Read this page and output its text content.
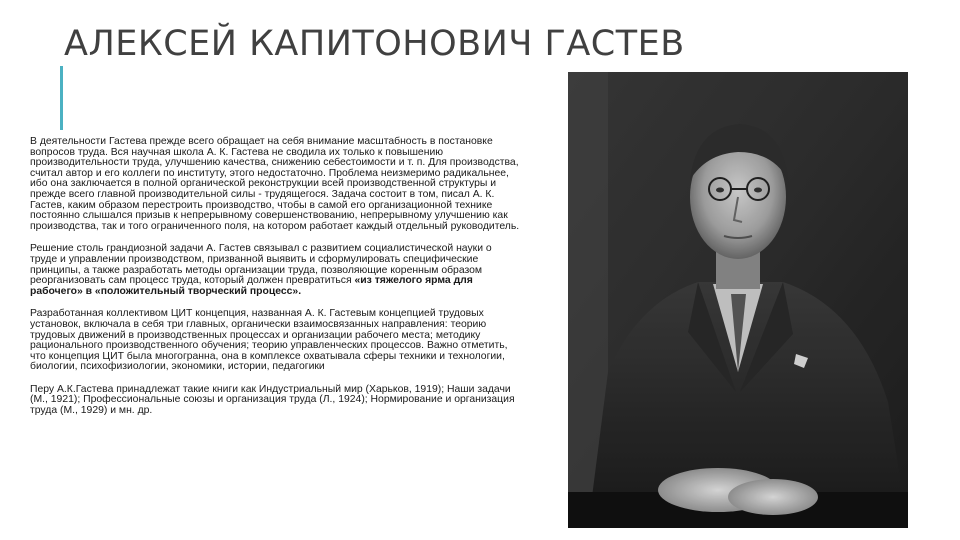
АЛЕКСЕЙ КАПИТОНОВИЧ ГАСТЕВ

В деятельности Гастева прежде всего обращает на себя внимание масштабность в постановке вопросов труда. Вся научная школа А. К. Гастева не сводила их только к повышению производительности труда, улучшению качества, снижению себестоимости и т. п. Для производства, считал автор и его коллеги по институту, этого недостаточно. Проблема неизмеримо радикальнее, ибо она заключается в полной органической реконструкции всей производственной структуры и прежде всего главной производительной силы - трудящегося. Задача состоит в том, писал А. К. Гастев, каким образом перестроить производство, чтобы в самой его организационной технике постоянно слышался призыв к непрерывному совершенствованию, непрерывному улучшению как производства, так и того ограниченного поля, на котором работает каждый отдельный руководитель.

Решение столь грандиозной задачи А. Гастев связывал с развитием социалистической науки о труде и управлении производством, призванной выявить и сформулировать специфические принципы, а также разработать методы организации труда, позволяющие коренным образом реорганизовать сам процесс труда, который должен превратиться «из тяжелого ярма для рабочего» в «положительный творческий процесс».

Разработанная коллективом ЦИТ концепция, названная А. К. Гастевым концепцией трудовых установок, включала в себя три главных, органически взаимосвязанных направления: теорию трудовых движений в производственных процессах и организации рабочего места; методику рационального производственного обучения; теорию управленческих процессов. Важно отметить, что концепция ЦИТ была многогранна, она в комплексе охватывала сферы техники и технологии, биологии, психофизиологии, экономики, истории, педагогики

Перу А.К.Гастева принадлежат такие книги как Индустриальный мир (Харьков, 1919); Наши задачи (М., 1921); Профессиональные союзы и организация труда (Л., 1924); Нормирование и организация труда (М., 1929) и мн. др.
